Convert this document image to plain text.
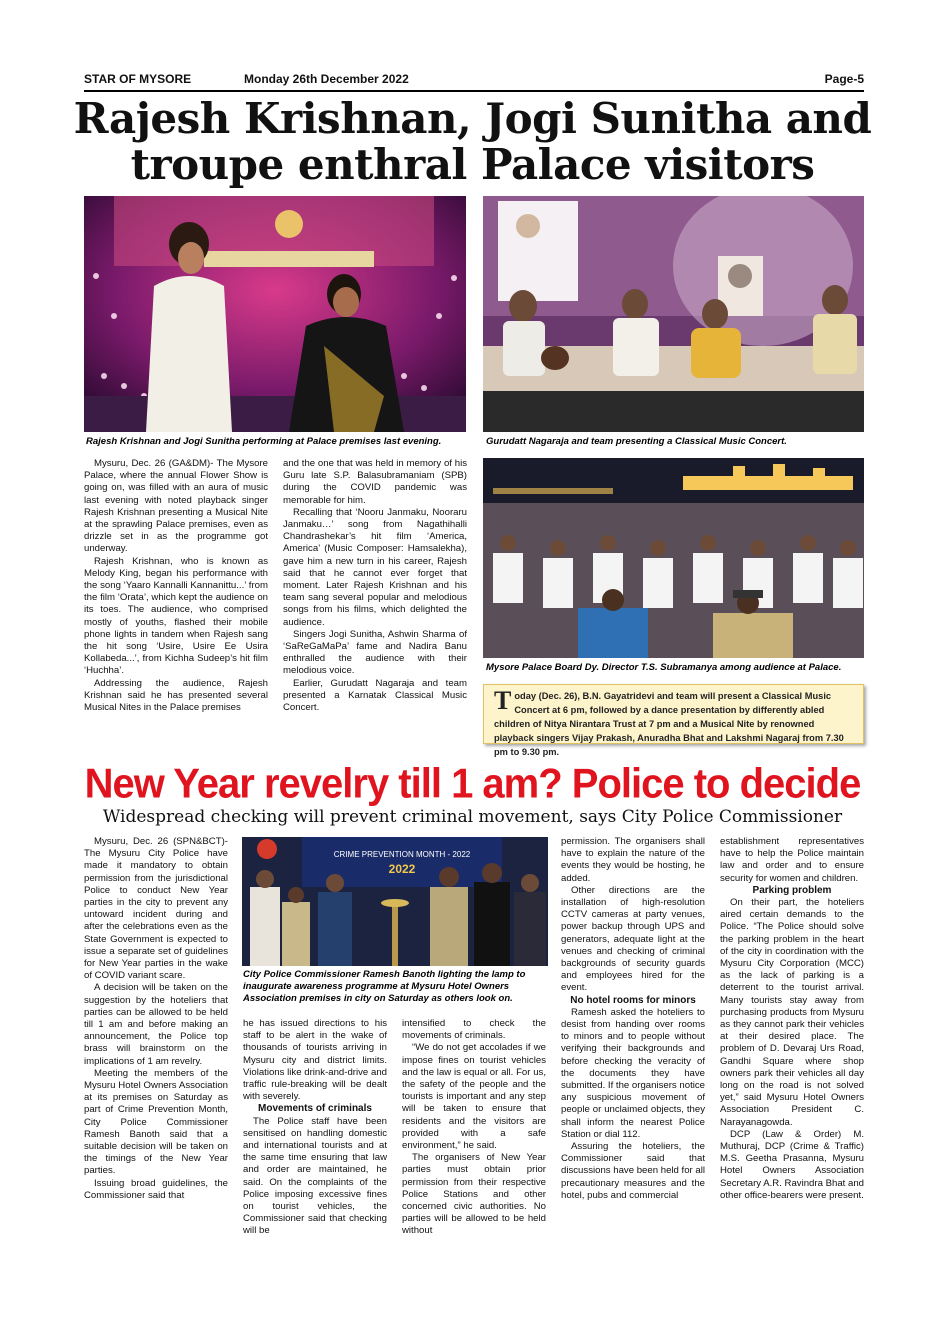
STAR OF MYSORE	Monday 26th December 2022	Page-5
Rajesh Krishnan, Jogi Sunitha and
troupe enthral Palace visitors
Rajesh Krishnan and Jogi Sunitha performing at Palace premises last evening.	Gurudatt Nagaraja and team presenting a Classical Music Concert.
Mysore Palace Board Dy. Director T.S. Subramanya among audience at Palace.

Mysuru, Dec. 26 (GA&DM)- The Mysore Palace, where the annual Flower Show is going on, was filled with an aura of music last evening with noted playback singer Rajesh Krishnan presenting a Musical Nite at the sprawling Palace premises, even as drizzle set in as the programme got underway.

Rajesh Krishnan, who is known as Melody King, began his performance with the song ‘Yaaro Kannalli Kannanittu...’ from the film ‘Orata’, which kept the audience on its toes. The audience, who comprised mostly of youths, flashed their mobile phone lights in tandem when Rajesh sang the hit song ‘Usire, Usire Ee Usira Kollabeda...’, from Kichha Sudeep’s hit film ‘Huchha’.

Addressing the audience, Rajesh Krishnan said he has presented several Musical Nites in the Palace premises

and the one that was held in memory of his Guru late S.P. Balasubramaniam (SPB) during the COVID pandemic was memorable for him.

Recalling that ‘Nooru Janmaku, Nooraru Janmaku…’ song from Nagathihalli Chandrashekar’s hit film ‘America, America’ (Music Composer: Hamsalekha), gave him a new turn in his career, Rajesh said that he cannot ever forget that moment. Later Rajesh Krishnan and his team sang several popular and melodious songs from his films, which delighted the audience.

Singers Jogi Sunitha, Ashwin Sharma of ‘SaReGaMaPa’ fame and Nadira Banu enthralled the audience with their melodious voice.

Earlier, Gurudatt Nagaraja and team presented a Karnatak Classical Music Concert.	Today (Dec. 26), B.N. Gayatridevi and team will present a Classical Music Concert at 6 pm, followed by a dance presentation by differently abled children of Nitya Nirantara Trust at 7 pm and a Musical Nite by renowned playback singers Vijay Prakash, Anuradha Bhat and Lakshmi Nagaraj from 7.30 pm to 9.30 pm.
New Year revelry till 1 am? Police to decide
Widespread checking will prevent criminal movement, says City Police Commissioner

Mysuru, Dec. 26 (SPN&BCT)- The Mysuru City Police have made it mandatory to obtain permission from the jurisdictional Police to conduct New Year parties in the city to prevent any untoward incident during and after the celebrations even as the State Government is expected to issue a separate set of guidelines for New Year parties in the wake of COVID variant scare.

A decision will be taken on the suggestion by the hoteliers that parties can be allowed to be held till 1 am and before making an announcement, the Police top brass will brainstorm on the implications of 1 am revelry.

Meeting the members of the Mysuru Hotel Owners Association at its premises on Saturday as part of Crime Prevention Month, City Police Commissioner Ramesh Banoth said that a suitable decision will be taken on the timings of the New Year parties.

Issuing broad guidelines, the Commissioner said that

CRIME PREVENTION MONTH - 2022
2022
City Police Commissioner Ramesh Banoth lighting the lamp to inaugurate awareness programme at Mysuru Hotel Owners Association premises in city on Saturday as others look on.

he has issued directions to his staff to be alert in the wake of thousands of tourists arriving in Mysuru city and district limits. Violations like drink-and-drive and traffic rule-breaking will be dealt with severely.

Movements of criminals

The Police staff have been sensitised on handling domestic and international tourists and at the same time ensuring that law and order are maintained, he said. On the complaints of the Police imposing excessive fines on tourist vehicles, the Commissioner said that checking will be

intensified to check the movements of criminals.

“We do not get accolades if we impose fines on tourist vehicles and the law is equal or all. For us, the safety of the people and the tourists is important and any step will be taken to ensure that residents and the visitors are provided with a safe environment,” he said.

The organisers of New Year parties must obtain prior permission from their respective Police Stations and other concerned civic authorities. No parties will be allowed to be held without

permission. The organisers shall have to explain the nature of the events they would be hosting, he added.

Other directions are the installation of high-resolution CCTV cameras at party venues, power backup through UPS and generators, adequate light at the venues and checking of criminal backgrounds of security guards and employees hired for the event.

No hotel rooms for minors

Ramesh asked the hoteliers to desist from handing over rooms to minors and to people without verifying their backgrounds and before checking the veracity of the documents they have submitted. If the organisers notice any suspicious movement of people or unclaimed objects, they shall inform the nearest Police Station or dial 112.

Assuring the hoteliers, the Commissioner said that discussions have been held for all precautionary measures and the hotel, pubs and commercial

establishment representatives have to help the Police maintain law and order and to ensure security for women and children.

Parking problem

On their part, the hoteliers aired certain demands to the Police. “The Police should solve the parking problem in the heart of the city in coordination with the Mysuru City Corporation (MCC) as the lack of parking is a deterrent to the tourist arrival. Many tourists stay away from purchasing products from Mysuru as they cannot park their vehicles at their desired place. The problem of D. Devaraj Urs Road, Gandhi Square where shop owners park their vehicles all day long on the road is not solved yet,” said Mysuru Hotel Owners Association President C. Narayanagowda.

DCP (Law & Order) M. Muthuraj, DCP (Crime & Traffic) M.S. Geetha Prasanna, Mysuru Hotel Owners Association Secretary A.R. Ravindra Bhat and other office-bearers were present.
